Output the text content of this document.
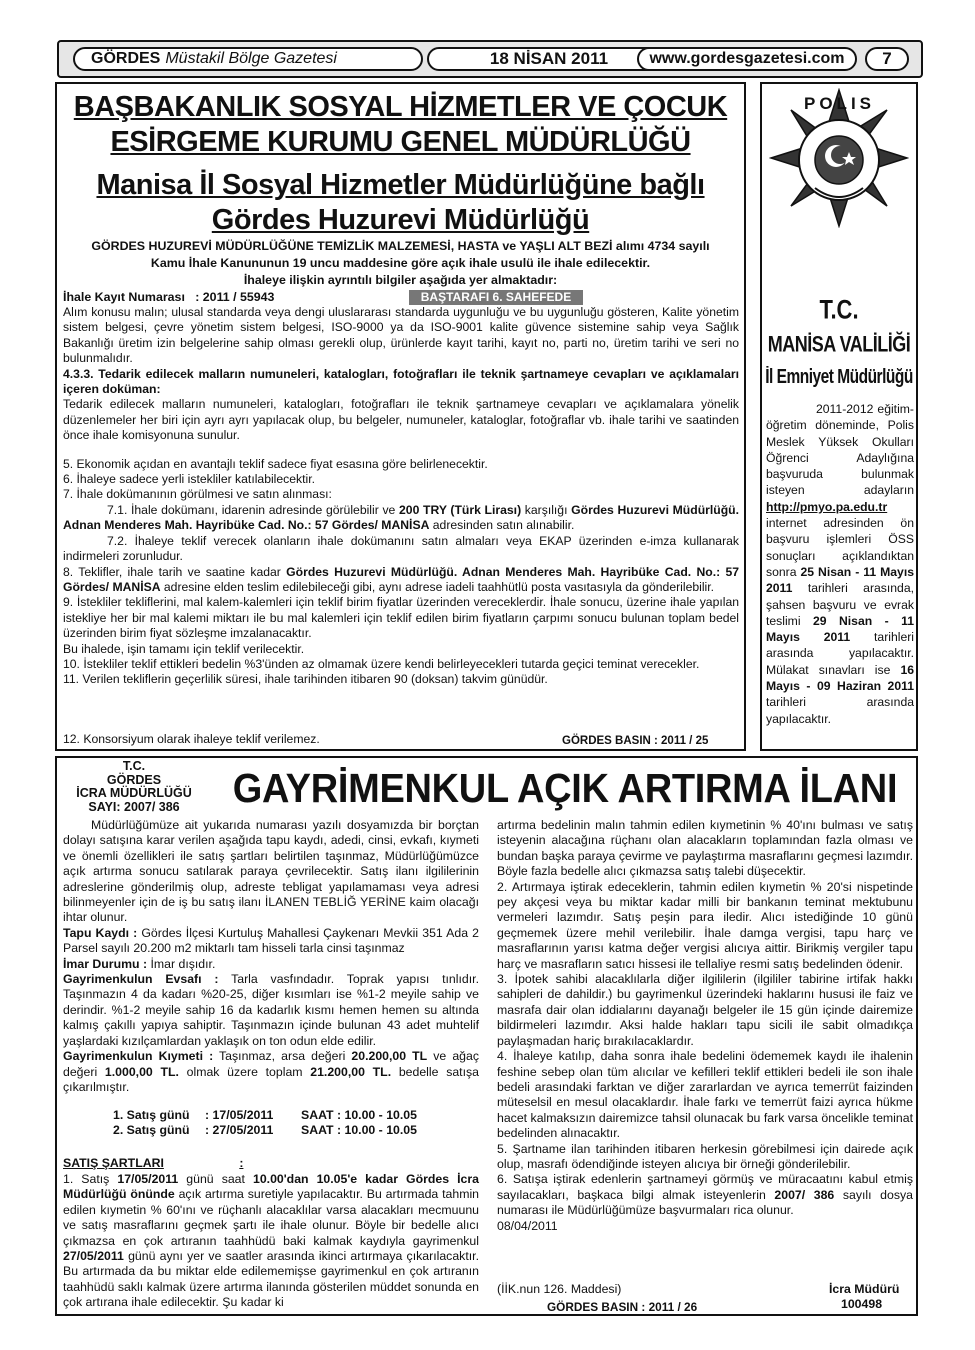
GÖRDES Müstakil Bölge Gazetesi	18 NİSAN 2011	www.gordesgazetesi.com	7
BAŞBAKANLIK SOSYAL HİZMETLER VE ÇOCUK
ESİRGEME KURUMU GENEL MÜDÜRLÜĞÜ
Manisa İl Sosyal Hizmetler Müdürlüğüne bağlı
Gördes Huzurevi Müdürlüğü
GÖRDES HUZUREVİ MÜDÜRLÜĞÜNE TEMİZLİK MALZEMESİ, HASTA ve YAŞLI ALT BEZİ alımı 4734 sayılı
Kamu İhale Kanununun 19 uncu maddesine göre açık ihale usulü ile ihale edilecektir.
İhaleye ilişkin ayrıntılı bilgiler aşağıda yer almaktadır:
İhale Kayıt Numarası   : 2011 / 55943	BAŞTARAFI 6. SAHEFEDE

Alım konusu malın; ulusal standarda veya dengi uluslararası standarda uygunluğu ve bu uygunluğu gösteren, Kalite yönetim sistem belgesi, çevre yönetim sistem belgesi, ISO-9000 ya da ISO-9001 kalite güvence sistemine sahip veya Sağlık Bakanlığı üretim izin belgelerine sahip olması gerekli olup, ürünlerde kayıt tarihi, kayıt no, parti no, üretim tarihi ve seri no bulunmalıdır.

4.3.3. Tedarik edilecek malların numuneleri, katalogları, fotoğrafları ile teknik şartnameye cevapları ve açıklamaları içeren doküman:

Tedarik edilecek malların numuneleri, katalogları, fotoğrafları ile teknik şartnameye cevapları ve açıklamalara yönelik düzenlemeler her biri için ayrı ayrı yapılacak olup, bu belgeler, numuneler, kataloglar, fotoğraflar vb. ihale tarihi ve saatinden önce ihale komisyonuna sunulur.

5. Ekonomik açıdan en avantajlı teklif sadece fiyat esasına göre belirlenecektir.

6. İhaleye sadece yerli istekliler katılabilecektir.

7. İhale dokümanının görülmesi ve satın alınması:

7.1. İhale dokümanı, idarenin adresinde görülebilir ve 200 TRY (Türk Lirası) karşılığı Gördes Huzurevi Müdürlüğü. Adnan Menderes Mah. Hayribüke Cad. No.: 57 Gördes/ MANİSA adresinden satın alınabilir.

7.2. İhaleye teklif verecek olanların ihale dokümanını satın almaları veya EKAP üzerinden e-imza kullanarak indirmeleri zorunludur.

8. Teklifler, ihale tarih ve saatine kadar Gördes Huzurevi Müdürlüğü. Adnan Menderes Mah. Hayribüke Cad. No.: 57 Gördes/ MANİSA adresine elden teslim edilebileceği gibi, aynı adrese iadeli taahhütlü posta vasıtasıyla da gönderilebilir.

9. İstekliler tekliflerini, mal kalem-kalemleri için teklif birim fiyatlar üzerinden vereceklerdir. İhale sonucu, üzerine ihale yapılan istekliye her bir mal kalemi miktarı ile bu mal kalemleri için teklif edilen birim fiyatların çarpımı sonucu bulunan toplam bedel üzerinden birim fiyat sözleşme imzalanacaktır.

Bu ihalede, işin tamamı için teklif verilecektir.

10. İstekliler teklif ettikleri bedelin %3'ünden az olmamak üzere kendi belirleyecekleri tutarda geçici teminat verecekler.

11. Verilen tekliflerin geçerlilik süresi, ihale tarihinden itibaren 90 (doksan) takvim günüdür.

12. Konsorsiyum olarak ihaleye teklif verilemez.	GÖRDES BASIN : 2011 / 25
POLIS
T.C.
MANİSA VALİLİĞİ
İl Emniyet Müdürlüğü
2011-2012 eğitim-öğretim döneminde, Polis Meslek Yüksek Okulları Öğrenci Adaylığına başvuruda bulunmak isteyen adayların http://pmyo.pa.edu.tr internet adresinden ön başvuru işlemleri ÖSS sonuçları açıklandıktan sonra 25 Nisan - 11 Mayıs 2011 tarihleri arasında, şahsen başvuru ve evrak teslimi 29 Nisan - 11 Mayıs 2011 tarihleri arasında yapılacaktır. Mülakat sınavları ise 16 Mayıs - 09 Haziran 2011 tarihleri arasında yapılacaktır.
T.C.
GÖRDES
İCRA MÜDÜRLÜĞÜ
SAYI: 2007/ 386	GAYRİMENKUL AÇIK ARTIRMA İLANI

Müdürlüğümüze ait yukarıda numarası yazılı dosyamızda bir borçtan dolayı satışına karar verilen aşağıda tapu kaydı, adedi, cinsi, evkafı, kıymeti ve önemli özellikleri ile satış şartları belirtilen taşınmaz, Müdürlüğümüzce açık artırma sonucu satılarak paraya çevrilecektir. Satış ilanı ilgililerinin adreslerine gönderilmiş olup, adreste tebligat yapılamaması veya adresi bilinmeyenler için de iş bu satış ilanı İLANEN TEBLİĞ YERİNE kaim olacağı ihtar olunur.

Tapu Kaydı : Gördes İlçesi Kurtuluş Mahallesi Çaykenarı Mevkii 351 Ada 2 Parsel sayılı 20.200 m2 miktarlı tam hisseli tarla cinsi taşınmaz

İmar Durumu : İmar dışıdır.

Gayrimenkulun Evsafı : Tarla vasfındadır. Toprak yapısı tınlıdır. Taşınmazın 4 da kadarı %20-25, diğer kısımları ise %1-2 meyile sahip ve derindir. %1-2 meyile sahip 16 da kadarlık kısmı hemen hemen su altında kalmış çakıllı yapıya sahiptir. Taşınmazın içinde bulunan 43 adet muhtelif yaşlardaki kızılçamlardan yaklaşık on ton odun elde edilir.

Gayrimenkulun Kıymeti : Taşınmaz, arsa değeri 20.200,00 TL ve ağaç değeri 1.000,00 TL. olmak üzere toplam 21.200,00 TL. bedelle satışa çıkarılmıştır.

1. Satış günü	: 17/05/2011	SAAT : 10.00 - 10.05
2. Satış günü	: 27/05/2011	SAAT : 10.00 - 10.05
SATIŞ ŞARTLARI	:
1. Satış 17/05/2011 günü saat 10.00'dan 10.05'e kadar Gördes İcra Müdürlüğü önünde açık artırma suretiyle yapılacaktır. Bu artırmada tahmin edilen kıymetin % 60'ını ve rüçhanlı alacaklılar varsa alacakları mecmuunu ve satış masraflarını geçmek şartı ile ihale olunur. Böyle bir bedelle alıcı çıkmazsa en çok artıranın taahhüdü baki kalmak kaydıyla gayrimenkul 27/05/2011 günü aynı yer ve saatler arasında ikinci artırmaya çıkarılacaktır. Bu artırmada da bu miktar elde edilememişse gayrimenkul en çok artıranın taahhüdü saklı kalmak üzere artırma ilanında gösterilen müddet sonunda en çok artırana ihale edilecektir. Şu kadar ki

artırma bedelinin malın tahmin edilen kıymetinin % 40'ını bulması ve satış isteyenin alacağına rüçhanı olan alacakların toplamından fazla olması ve bundan başka paraya çevirme ve paylaştırma masraflarını geçmesi lazımdır. Böyle fazla bedelle alıcı çıkmazsa satış talebi düşecektir.

2. Artırmaya iştirak edeceklerin, tahmin edilen kıymetin % 20'si nispetinde pey akçesi veya bu miktar kadar milli bir bankanın teminat mektubunu vermeleri lazımdır. Satış peşin para iledir. Alıcı istediğinde 10 günü geçmemek üzere mehil verilebilir. İhale damga vergisi, tapu harç ve masraflarının yarısı katma değer vergisi alıcıya aittir. Birikmiş vergiler tapu harç ve masrafların satıcı hissesi ile tellaliye resmi satış bedelinden ödenir.

3. İpotek sahibi alacaklılarla diğer ilgililerin (ilgililer tabirine irtifak hakkı sahipleri de dahildir.) bu gayrimenkul üzerindeki haklarını hususi ile faiz ve masrafa dair olan iddialarını dayanağı belgeler ile 15 gün içinde dairemize bildirmeleri lazımdır. Aksi halde hakları tapu sicili ile sabit olmadıkça paylaşmadan hariç bırakılacaklardır.

4. İhaleye katılıp, daha sonra ihale bedelini ödememek kaydı ile ihalenin feshine sebep olan tüm alıcılar ve kefilleri teklif ettikleri bedeli ile son ihale bedeli arasındaki farktan ve diğer zararlardan ve ayrıca temerrüt faizinden müteselsil en mesul olacaklardır. İhale farkı ve temerrüt faizi ayrıca hükme hacet kalmaksızın dairemizce tahsil olunacak bu fark varsa öncelikle teminat bedelinden alınacaktır.

5. Şartname ilan tarihinden itibaren herkesin görebilmesi için dairede açık olup, masrafı ödendiğinde isteyen alıcıya bir örneği gönderilebilir.

6. Satışa iştirak edenlerin şartnameyi görmüş ve müracaatını kabul etmiş sayılacakları, başkaca bilgi almak isteyenlerin 2007/ 386 sayılı dosya numarası ile Müdürlüğümüze başvurmaları rica olunur.

08/04/2011

(İİK.nun 126. Maddesi)	İcra Müdürü
100498
GÖRDES BASIN : 2011 / 26
